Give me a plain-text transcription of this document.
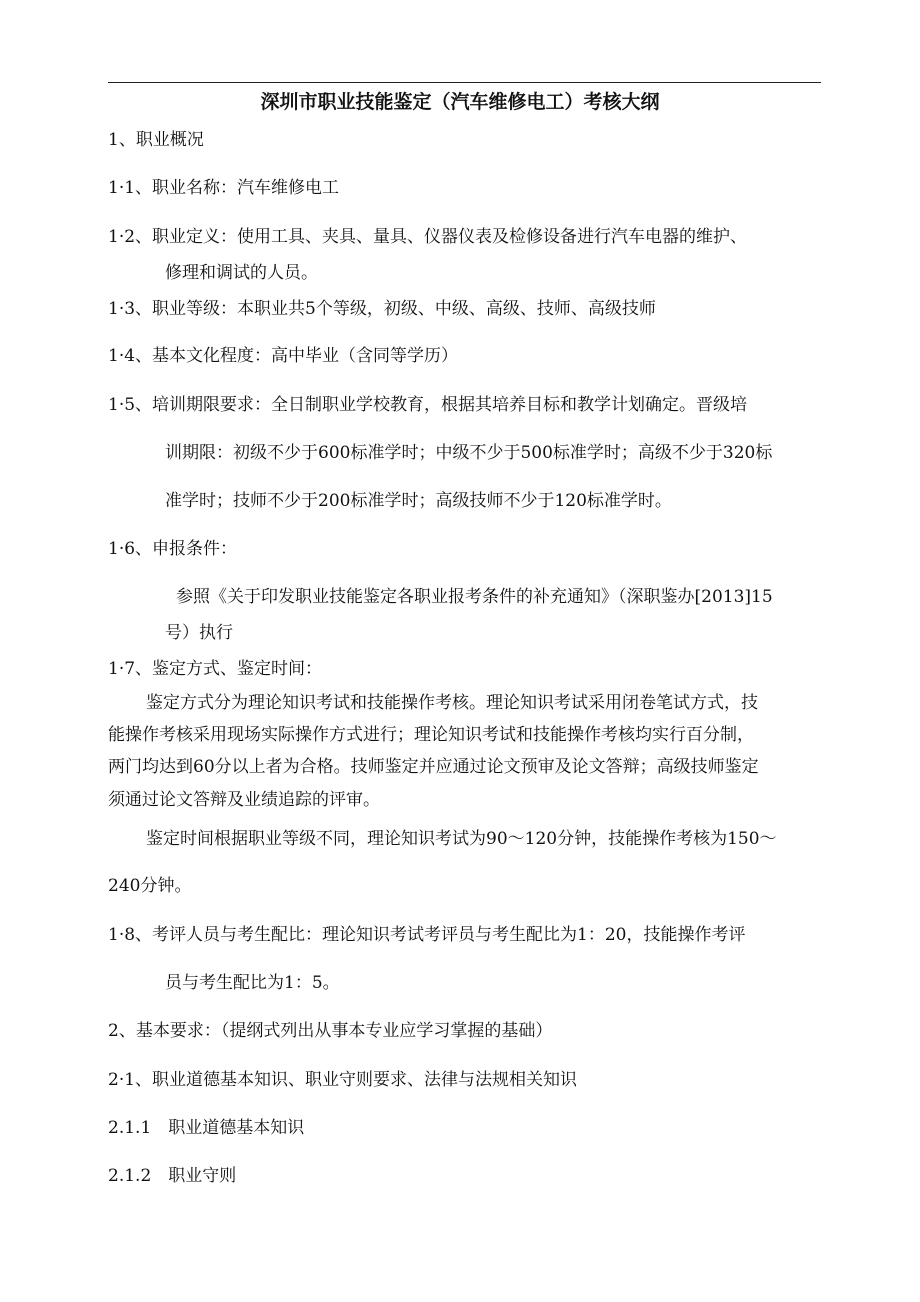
深圳市职业技能鉴定（汽车维修电工）考核大纲
1、职业概况
1·1、职业名称：汽车维修电工
1·2、职业定义：使用工具、夹具、量具、仪器仪表及检修设备进行汽车电器的维护、
修理和调试的人员。
1·3、职业等级：本职业共5个等级，初级、中级、高级、技师、高级技师
1·4、基本文化程度：高中毕业（含同等学历）
1·5、培训期限要求：全日制职业学校教育，根据其培养目标和教学计划确定。晋级培
训期限：初级不少于600标准学时；中级不少于500标准学时；高级不少于320标
准学时；技师不少于200标准学时；高级技师不少于120标准学时。
1·6、申报条件：
参照《关于印发职业技能鉴定各职业报考条件的补充通知》（深职鉴办[2013]15
号）执行
1·7、鉴定方式、鉴定时间：
鉴定方式分为理论知识考试和技能操作考核。理论知识考试采用闭卷笔试方式，技
能操作考核采用现场实际操作方式进行；理论知识考试和技能操作考核均实行百分制，
两门均达到60分以上者为合格。技师鉴定并应通过论文预审及论文答辩；高级技师鉴定
须通过论文答辩及业绩追踪的评审。
鉴定时间根据职业等级不同，理论知识考试为90～120分钟，技能操作考核为150～
240分钟。
1·8、考评人员与考生配比：理论知识考试考评员与考生配比为1：20，技能操作考评
员与考生配比为1：5。
2、基本要求：（提纲式列出从事本专业应学习掌握的基础）
2·1、职业道德基本知识、职业守则要求、法律与法规相关知识
2.1.1　职业道德基本知识
2.1.2　职业守则
